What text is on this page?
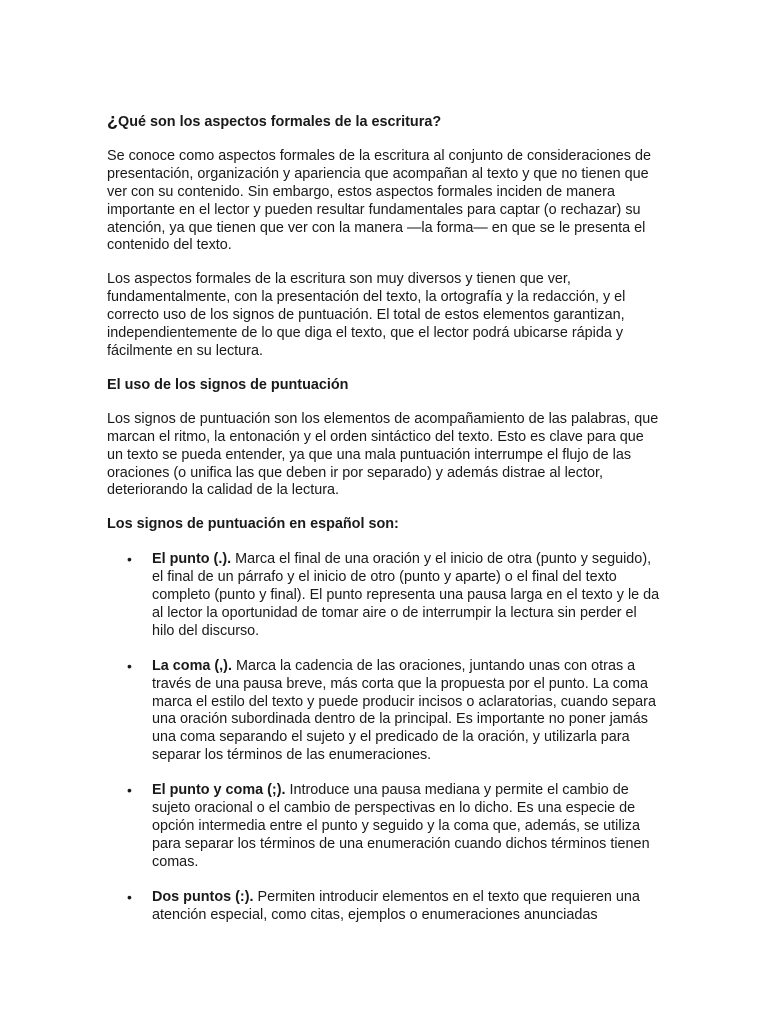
¿Qué son los aspectos formales de la escritura?

Se conoce como aspectos formales de la escritura al conjunto de consideraciones de presentación, organización y apariencia que acompañan al texto y que no tienen que ver con su contenido. Sin embargo, estos aspectos formales inciden de manera importante en el lector y pueden resultar fundamentales para captar (o rechazar) su atención, ya que tienen que ver con la manera —la forma— en que se le presenta el contenido del texto.

Los aspectos formales de la escritura son muy diversos y tienen que ver, fundamentalmente, con la presentación del texto, la ortografía y la redacción, y el correcto uso de los signos de puntuación. El total de estos elementos garantizan, independientemente de lo que diga el texto, que el lector podrá ubicarse rápida y fácilmente en su lectura.

El uso de los signos de puntuación

Los signos de puntuación son los elementos de acompañamiento de las palabras, que marcan el ritmo, la entonación y el orden sintáctico del texto. Esto es clave para que un texto se pueda entender, ya que una mala puntuación interrumpe el flujo de las oraciones (o unifica las que deben ir por separado) y además distrae al lector, deteriorando la calidad de la lectura.

Los signos de puntuación en español son:

• El punto (.). Marca el final de una oración y el inicio de otra (punto y seguido), el final de un párrafo y el inicio de otro (punto y aparte) o el final del texto completo (punto y final). El punto representa una pausa larga en el texto y le da al lector la oportunidad de tomar aire o de interrumpir la lectura sin perder el hilo del discurso.
• La coma (,). Marca la cadencia de las oraciones, juntando unas con otras a través de una pausa breve, más corta que la propuesta por el punto. La coma marca el estilo del texto y puede producir incisos o aclaratorias, cuando separa una oración subordinada dentro de la principal. Es importante no poner jamás una coma separando el sujeto y el predicado de la oración, y utilizarla para separar los términos de las enumeraciones.
• El punto y coma (;). Introduce una pausa mediana y permite el cambio de sujeto oracional o el cambio de perspectivas en lo dicho. Es una especie de opción intermedia entre el punto y seguido y la coma que, además, se utiliza para separar los términos de una enumeración cuando dichos términos tienen comas.
• Dos puntos (:). Permiten introducir elementos en el texto que requieren una atención especial, como citas, ejemplos o enumeraciones anunciadas
